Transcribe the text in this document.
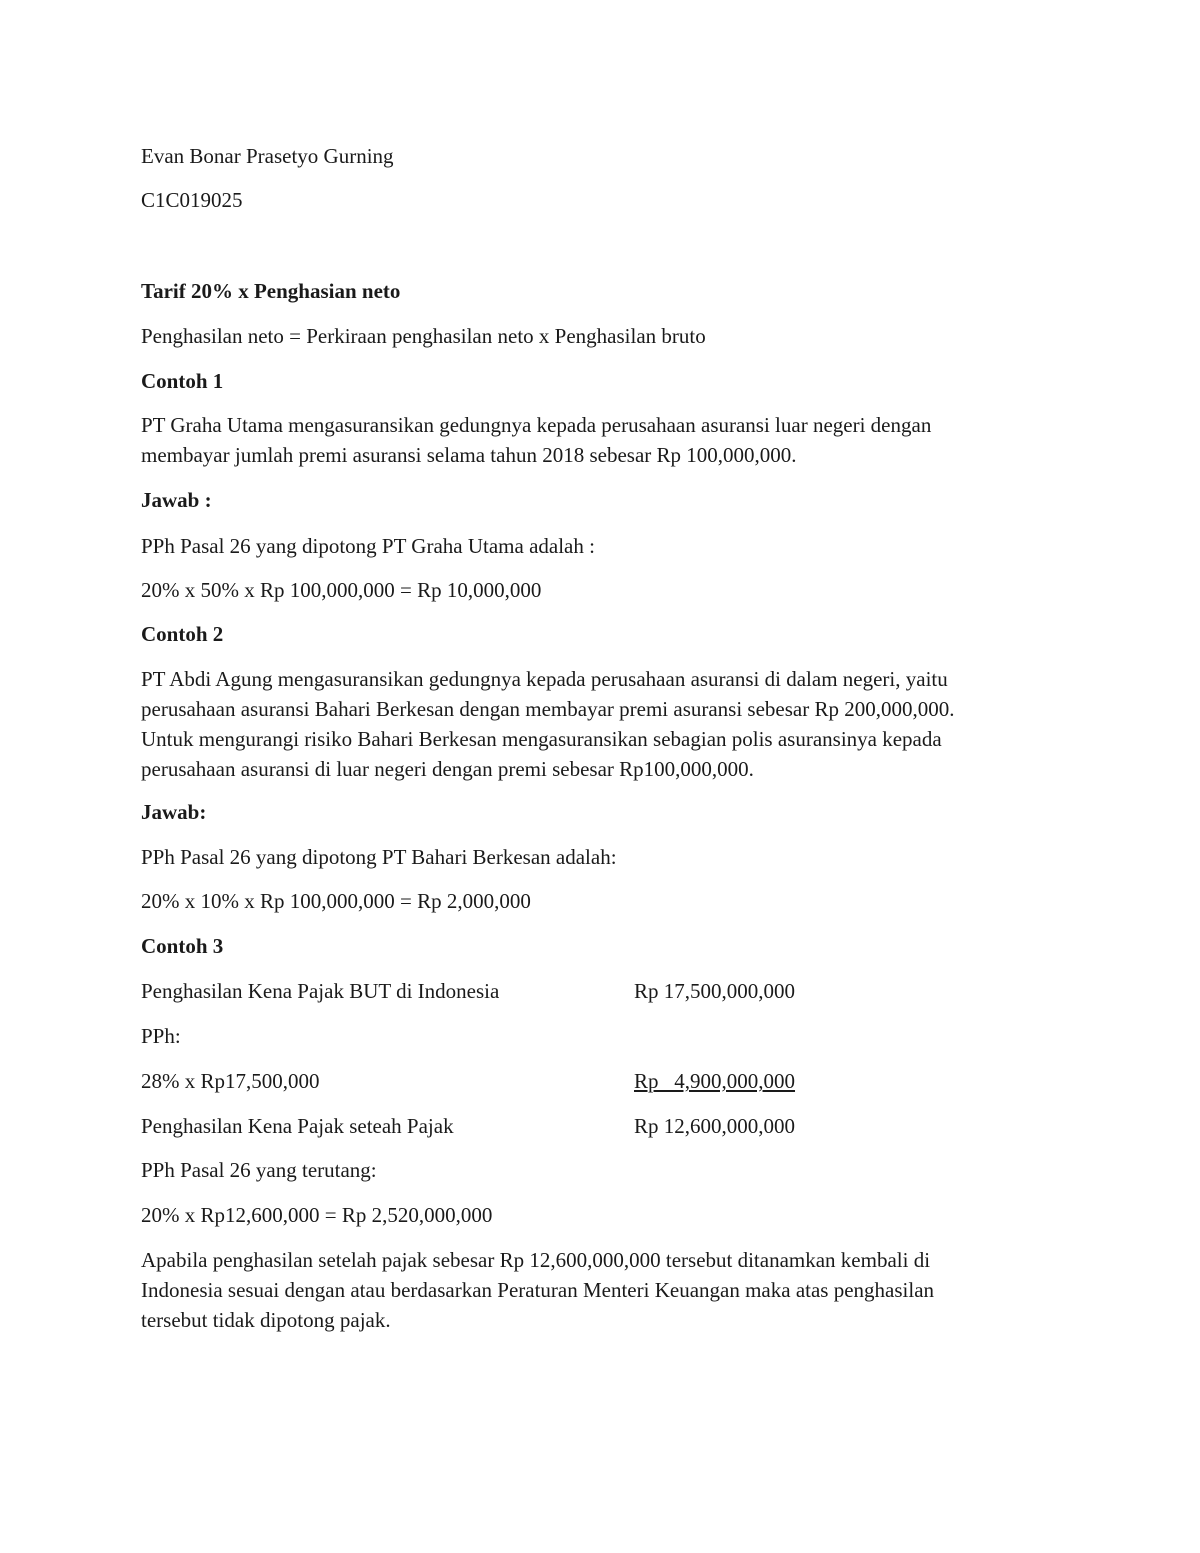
Evan Bonar Prasetyo Gurning
C1C019025
Tarif 20% x Penghasian neto
Penghasilan neto = Perkiraan penghasilan neto x Penghasilan bruto
Contoh 1
PT Graha Utama mengasuransikan gedungnya kepada perusahaan asuransi luar negeri dengan
membayar jumlah premi asuransi selama tahun 2018 sebesar Rp 100,000,000.
Jawab :
PPh Pasal 26 yang dipotong PT Graha Utama adalah :
20% x 50% x Rp 100,000,000 = Rp 10,000,000
Contoh 2
PT Abdi Agung mengasuransikan gedungnya kepada perusahaan asuransi di dalam negeri, yaitu
perusahaan asuransi Bahari Berkesan dengan membayar premi asuransi sebesar Rp 200,000,000.
Untuk mengurangi risiko Bahari Berkesan mengasuransikan sebagian polis asuransinya kepada
perusahaan asuransi di luar negeri dengan premi sebesar Rp100,000,000.
Jawab:
PPh Pasal 26 yang dipotong PT Bahari Berkesan adalah:
20% x 10% x Rp 100,000,000 = Rp 2,000,000
Contoh 3
Penghasilan Kena Pajak BUT di Indonesia	Rp 17,500,000,000
PPh:
28% x Rp17,500,000	Rp   4,900,000,000
Penghasilan Kena Pajak seteah Pajak	Rp 12,600,000,000
PPh Pasal 26 yang terutang:
20% x Rp12,600,000 = Rp 2,520,000,000
Apabila penghasilan setelah pajak sebesar Rp 12,600,000,000 tersebut ditanamkan kembali di
Indonesia sesuai dengan atau berdasarkan Peraturan Menteri Keuangan maka atas penghasilan
tersebut tidak dipotong pajak.
